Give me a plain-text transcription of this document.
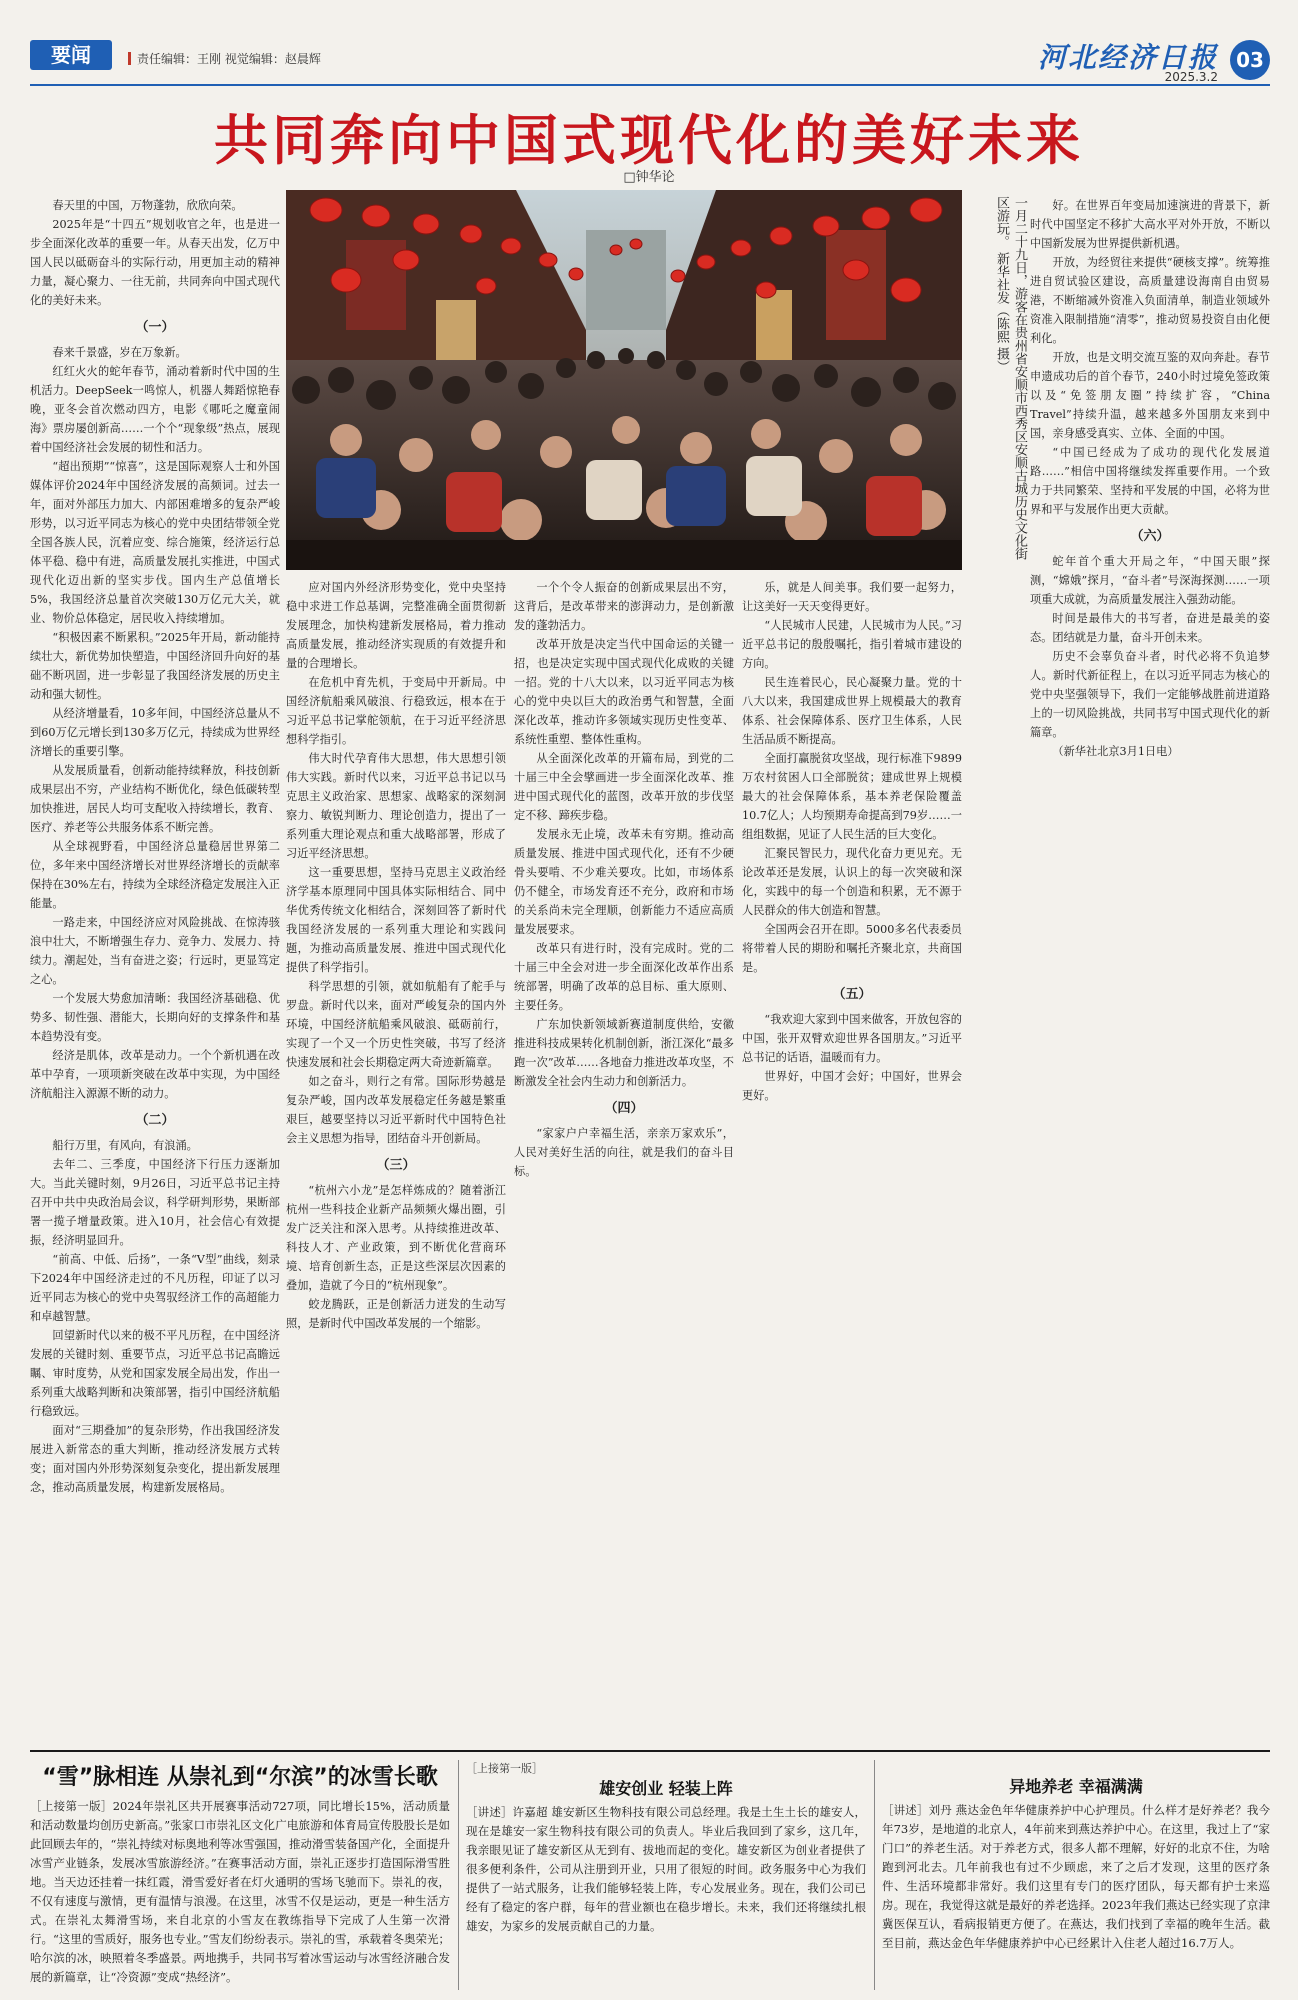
要闻	责任编辑：王刚 视觉编辑：赵晨辉	河北经济日报
2025.3.2
03
共同奔向中国式现代化的美好未来
□钟华论
一月二十九日，游客在贵州省安顺市西秀区安顺古城历史文化街区游玩。 新华社发（陈熙 摄）

春天里的中国，万物蓬勃，欣欣向荣。

2025年是“十四五”规划收官之年，也是进一步全面深化改革的重要一年。从春天出发，亿万中国人民以砥砺奋斗的实际行动，用更加主动的精神力量，凝心聚力、一往无前，共同奔向中国式现代化的美好未来。

（一）

春来千景盛，岁在万象新。

红红火火的蛇年春节，涌动着新时代中国的生机活力。DeepSeek一鸣惊人，机器人舞蹈惊艳春晚，亚冬会首次燃动四方，电影《哪吒之魔童闹海》票房屡创新高……一个个“现象级”热点，展现着中国经济社会发展的韧性和活力。

“超出预期”“惊喜”，这是国际观察人士和外国媒体评价2024年中国经济发展的高频词。过去一年，面对外部压力加大、内部困难增多的复杂严峻形势，以习近平同志为核心的党中央团结带领全党全国各族人民，沉着应变、综合施策，经济运行总体平稳、稳中有进，高质量发展扎实推进，中国式现代化迈出新的坚实步伐。国内生产总值增长5%，我国经济总量首次突破130万亿元大关，就业、物价总体稳定，居民收入持续增加。

“积极因素不断累积。”2025年开局，新动能持续壮大，新优势加快塑造，中国经济回升向好的基础不断巩固，进一步彰显了我国经济发展的历史主动和强大韧性。

从经济增量看，10多年间，中国经济总量从不到60万亿元增长到130多万亿元，持续成为世界经济增长的重要引擎。

从发展质量看，创新动能持续释放，科技创新成果层出不穷，产业结构不断优化，绿色低碳转型加快推进，居民人均可支配收入持续增长，教育、医疗、养老等公共服务体系不断完善。

从全球视野看，中国经济总量稳居世界第二位，多年来中国经济增长对世界经济增长的贡献率保持在30%左右，持续为全球经济稳定发展注入正能量。

一路走来，中国经济应对风险挑战、在惊涛骇浪中壮大，不断增强生存力、竞争力、发展力、持续力。潮起处，当有奋进之姿；行远时，更显笃定之心。

一个发展大势愈加清晰：我国经济基础稳、优势多、韧性强、潜能大，长期向好的支撑条件和基本趋势没有变。

经济是肌体，改革是动力。一个个新机遇在改革中孕育，一项项新突破在改革中实现，为中国经济航船注入源源不断的动力。

（二）

船行万里，有风向，有浪涌。

去年二、三季度，中国经济下行压力逐渐加大。当此关键时刻，9月26日，习近平总书记主持召开中共中央政治局会议，科学研判形势，果断部署一揽子增量政策。进入10月，社会信心有效提振，经济明显回升。

“前高、中低、后扬”，一条“V型”曲线，刻录下2024年中国经济走过的不凡历程，印证了以习近平同志为核心的党中央驾驭经济工作的高超能力和卓越智慧。

回望新时代以来的极不平凡历程，在中国经济发展的关键时刻、重要节点，习近平总书记高瞻远瞩、审时度势，从党和国家发展全局出发，作出一系列重大战略判断和决策部署，指引中国经济航船行稳致远。

面对“三期叠加”的复杂形势，作出我国经济发展进入新常态的重大判断，推动经济发展方式转变；面对国内外形势深刻复杂变化，提出新发展理念，推动高质量发展，构建新发展格局。

应对国内外经济形势变化，党中央坚持稳中求进工作总基调，完整准确全面贯彻新发展理念，加快构建新发展格局，着力推动高质量发展，推动经济实现质的有效提升和量的合理增长。

在危机中育先机，于变局中开新局。中国经济航船乘风破浪、行稳致远，根本在于习近平总书记掌舵领航，在于习近平经济思想科学指引。

伟大时代孕育伟大思想，伟大思想引领伟大实践。新时代以来，习近平总书记以马克思主义政治家、思想家、战略家的深刻洞察力、敏锐判断力、理论创造力，提出了一系列重大理论观点和重大战略部署，形成了习近平经济思想。

这一重要思想，坚持马克思主义政治经济学基本原理同中国具体实际相结合、同中华优秀传统文化相结合，深刻回答了新时代我国经济发展的一系列重大理论和实践问题，为推动高质量发展、推进中国式现代化提供了科学指引。

科学思想的引领，就如航船有了舵手与罗盘。新时代以来，面对严峻复杂的国内外环境，中国经济航船乘风破浪、砥砺前行，实现了一个又一个历史性突破，书写了经济快速发展和社会长期稳定两大奇迹新篇章。

如之奋斗，则行之有常。国际形势越是复杂严峻，国内改革发展稳定任务越是繁重艰巨，越要坚持以习近平新时代中国特色社会主义思想为指导，团结奋斗开创新局。

（三）

“杭州六小龙”是怎样炼成的？随着浙江杭州一些科技企业新产品频频火爆出圈，引发广泛关注和深入思考。从持续推进改革、科技人才、产业政策，到不断优化营商环境、培育创新生态，正是这些深层次因素的叠加，造就了今日的“杭州现象”。

蛟龙腾跃，正是创新活力迸发的生动写照，是新时代中国改革发展的一个缩影。

一个个令人振奋的创新成果层出不穷，这背后，是改革带来的澎湃动力，是创新激发的蓬勃活力。

改革开放是决定当代中国命运的关键一招，也是决定实现中国式现代化成败的关键一招。党的十八大以来，以习近平同志为核心的党中央以巨大的政治勇气和智慧，全面深化改革，推动许多领域实现历史性变革、系统性重塑、整体性重构。

从全面深化改革的开篇布局，到党的二十届三中全会擘画进一步全面深化改革、推进中国式现代化的蓝图，改革开放的步伐坚定不移、蹄疾步稳。

发展永无止境，改革未有穷期。推动高质量发展、推进中国式现代化，还有不少硬骨头要啃、不少难关要攻。比如，市场体系仍不健全，市场发育还不充分，政府和市场的关系尚未完全理顺，创新能力不适应高质量发展要求。

改革只有进行时，没有完成时。党的二十届三中全会对进一步全面深化改革作出系统部署，明确了改革的总目标、重大原则、主要任务。

广东加快新领域新赛道制度供给，安徽推进科技成果转化机制创新，浙江深化“最多跑一次”改革……各地奋力推进改革攻坚，不断激发全社会内生动力和创新活力。

（四）

“家家户户幸福生活，亲亲万家欢乐”，人民对美好生活的向往，就是我们的奋斗目标。

乐，就是人间美事。我们要一起努力，让这美好一天天变得更好。

“人民城市人民建，人民城市为人民。”习近平总书记的殷殷嘱托，指引着城市建设的方向。

民生连着民心，民心凝聚力量。党的十八大以来，我国建成世界上规模最大的教育体系、社会保障体系、医疗卫生体系，人民生活品质不断提高。

全面打赢脱贫攻坚战，现行标准下9899万农村贫困人口全部脱贫；建成世界上规模最大的社会保障体系，基本养老保险覆盖10.7亿人；人均预期寿命提高到79岁……一组组数据，见证了人民生活的巨大变化。

汇聚民智民力，现代化奋力更见充。无论改革还是发展，认识上的每一次突破和深化，实践中的每一个创造和积累，无不源于人民群众的伟大创造和智慧。

全国两会召开在即。5000多名代表委员将带着人民的期盼和嘱托齐聚北京，共商国是。

（五）

“我欢迎大家到中国来做客，开放包容的中国，张开双臂欢迎世界各国朋友。”习近平总书记的话语，温暖而有力。

世界好，中国才会好；中国好，世界会更好。

好。在世界百年变局加速演进的背景下，新时代中国坚定不移扩大高水平对外开放，不断以中国新发展为世界提供新机遇。

开放，为经贸往来提供“硬核支撑”。统筹推进自贸试验区建设，高质量建设海南自由贸易港，不断缩减外资准入负面清单，制造业领域外资准入限制措施“清零”，推动贸易投资自由化便利化。

开放，也是文明交流互鉴的双向奔赴。春节申遗成功后的首个春节，240小时过境免签政策以及“免签朋友圈”持续扩容，“China Travel”持续升温，越来越多外国朋友来到中国，亲身感受真实、立体、全面的中国。

“中国已经成为了成功的现代化发展道路……”相信中国将继续发挥重要作用。一个致力于共同繁荣、坚持和平发展的中国，必将为世界和平与发展作出更大贡献。

（六）

蛇年首个重大开局之年，“中国天眼”探测，“嫦娥”探月，“奋斗者”号深海探测……一项项重大成就，为高质量发展注入强劲动能。

时间是最伟大的书写者，奋进是最美的姿态。团结就是力量，奋斗开创未来。

历史不会辜负奋斗者，时代必将不负追梦人。新时代新征程上，在以习近平同志为核心的党中央坚强领导下，我们一定能够战胜前进道路上的一切风险挑战，共同书写中国式现代化的新篇章。

（新华社北京3月1日电）

“雪”脉相连 从崇礼到“尔滨”的冰雪长歌
［上接第一版］2024年崇礼区共开展赛事活动727项，同比增长15%，活动质量和活动数量均创历史新高。”张家口市崇礼区文化广电旅游和体育局宣传股股长是如此回顾去年的，“崇礼持续对标奥地利等冰雪强国，推动滑雪装备国产化，全面提升冰雪产业链条，发展冰雪旅游经济。”在赛事活动方面，崇礼正逐步打造国际滑雪胜地。当天边还挂着一抹红霞，滑雪爱好者在灯火通明的雪场飞驰而下。崇礼的夜，不仅有速度与激情，更有温情与浪漫。在这里，冰雪不仅是运动，更是一种生活方式。在崇礼太舞滑雪场，来自北京的小雪友在教练指导下完成了人生第一次滑行。“这里的雪质好，服务也专业。”雪友们纷纷表示。崇礼的雪，承载着冬奥荣光；哈尔滨的冰，映照着冬季盛景。两地携手，共同书写着冰雪运动与冰雪经济融合发展的新篇章，让“冷资源”变成“热经济”。
［上接第一版］
雄安创业 轻装上阵
［讲述］许嘉超 雄安新区生物科技有限公司总经理。我是土生土长的雄安人，现在是雄安一家生物科技有限公司的负责人。毕业后我回到了家乡，这几年，我亲眼见证了雄安新区从无到有、拔地而起的变化。雄安新区为创业者提供了很多便利条件，公司从注册到开业，只用了很短的时间。政务服务中心为我们提供了一站式服务，让我们能够轻装上阵，专心发展业务。现在，我们公司已经有了稳定的客户群，每年的营业额也在稳步增长。未来，我们还将继续扎根雄安，为家乡的发展贡献自己的力量。
异地养老 幸福满满
［讲述］刘丹 燕达金色年华健康养护中心护理员。什么样才是好养老？我今年73岁，是地道的北京人，4年前来到燕达养护中心。在这里，我过上了“家门口”的养老生活。对于养老方式，很多人都不理解，好好的北京不住，为啥跑到河北去。几年前我也有过不少顾虑，来了之后才发现，这里的医疗条件、生活环境都非常好。我们这里有专门的医疗团队，每天都有护士来巡房。现在，我觉得这就是最好的养老选择。2023年我们燕达已经实现了京津冀医保互认，看病报销更方便了。在燕达，我们找到了幸福的晚年生活。截至目前，燕达金色年华健康养护中心已经累计入住老人超过16.7万人。
